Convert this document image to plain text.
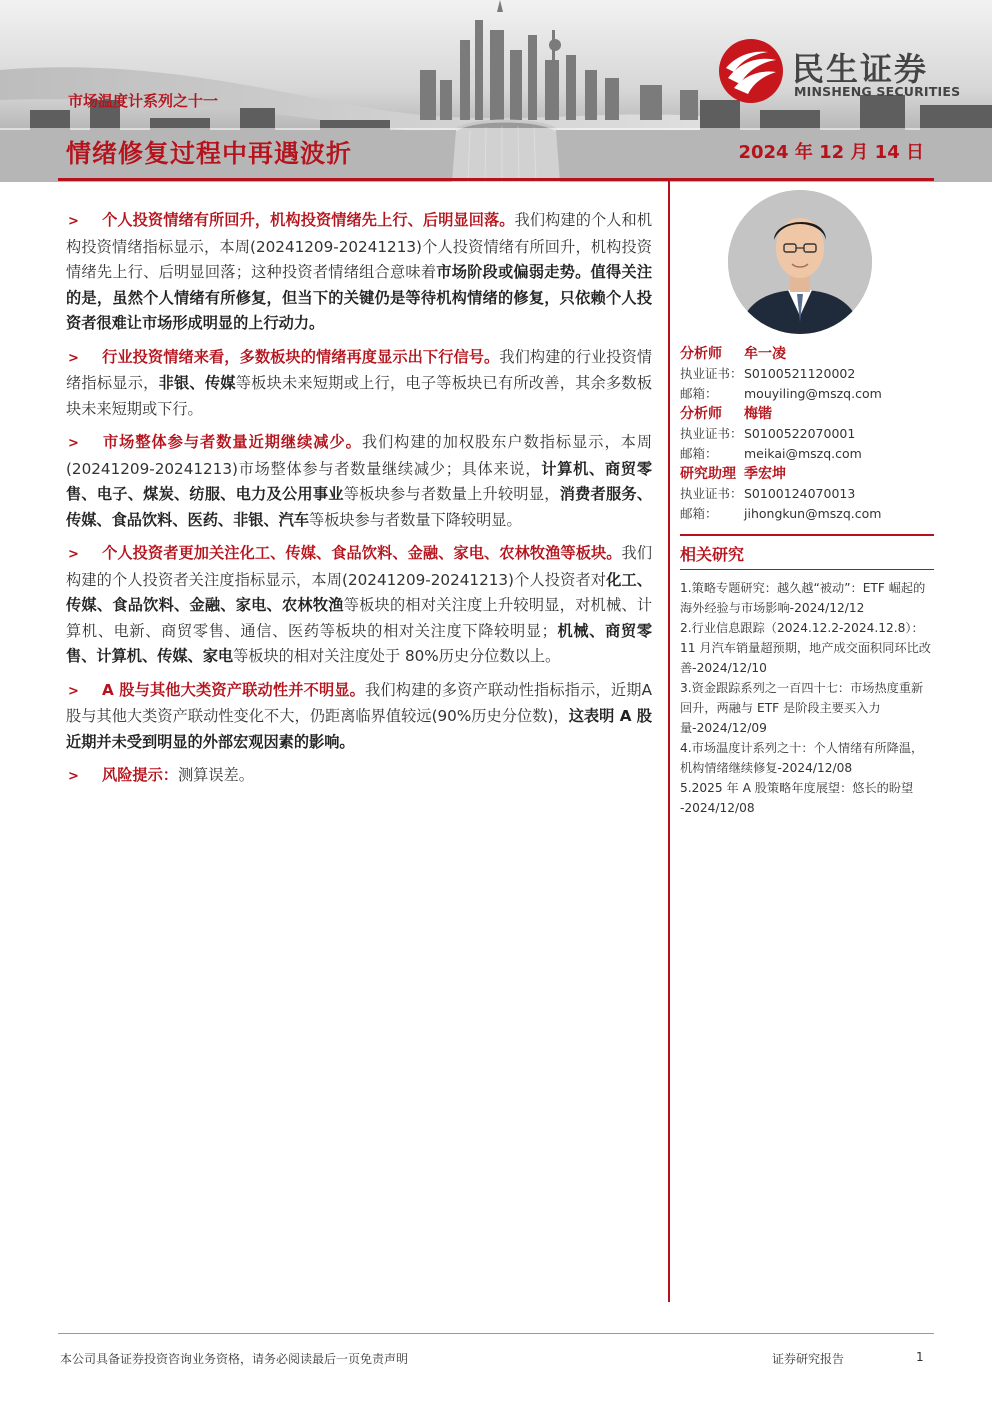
市场温度计系列之十一
情绪修复过程中再遇波折	2024 年 12 月 14 日
民生证券
MINSHENG SECURITIES

> 个人投资情绪有所回升，机构投资情绪先上行、后明显回落。我们构建的个人和机构投资情绪指标显示，本周(20241209-20241213)个人投资情绪有所回升，机构投资情绪先上行、后明显回落；这种投资者情绪组合意味着市场阶段或偏弱走势。值得关注的是，虽然个人情绪有所修复，但当下的关键仍是等待机构情绪的修复，只依赖个人投资者很难让市场形成明显的上行动力。

> 行业投资情绪来看，多数板块的情绪再度显示出下行信号。我们构建的行业投资情绪指标显示，非银、传媒等板块未来短期或上行，电子等板块已有所改善，其余多数板块未来短期或下行。

> 市场整体参与者数量近期继续减少。我们构建的加权股东户数指标显示，本周(20241209-20241213)市场整体参与者数量继续减少；具体来说，计算机、商贸零售、电子、煤炭、纺服、电力及公用事业等板块参与者数量上升较明显，消费者服务、传媒、食品饮料、医药、非银、汽车等板块参与者数量下降较明显。

> 个人投资者更加关注化工、传媒、食品饮料、金融、家电、农林牧渔等板块。我们构建的个人投资者关注度指标显示，本周(20241209-20241213)个人投资者对化工、传媒、食品饮料、金融、家电、农林牧渔等板块的相对关注度上升较明显，对机械、计算机、电新、商贸零售、通信、医药等板块的相对关注度下降较明显；机械、商贸零售、计算机、传媒、家电等板块的相对关注度处于 80%历史分位数以上。

> A 股与其他大类资产联动性并不明显。我们构建的多资产联动性指标指示，近期A 股与其他大类资产联动性变化不大，仍距离临界值较远(90%历史分位数)，这表明 A 股近期并未受到明显的外部宏观因素的影响。

> 风险提示：测算误差。

分析师	牟一凌
执业证书： S0100521120002
邮箱：	mouyiling@mszq.com
分析师	梅锴
执业证书： S0100522070001
邮箱：	meikai@mszq.com
研究助理 季宏坤
执业证书： S0100124070013
邮箱：	jihongkun@mszq.com
相关研究
1.策略专题研究：越久越“被动”：ETF 崛起的海外经验与市场影响-2024/12/12
2.行业信息跟踪（2024.12.2-2024.12.8）：11 月汽车销量超预期，地产成交面积同环比改善-2024/12/10
3.资金跟踪系列之一百四十七：市场热度重新回升，两融与 ETF 是阶段主要买入力量-2024/12/09
4.市场温度计系列之十：个人情绪有所降温，机构情绪继续修复-2024/12/08
5.2025 年 A 股策略年度展望：悠长的盼望 -2024/12/08
本公司具备证券投资咨询业务资格，请务必阅读最后一页免责声明	证券研究报告	1
